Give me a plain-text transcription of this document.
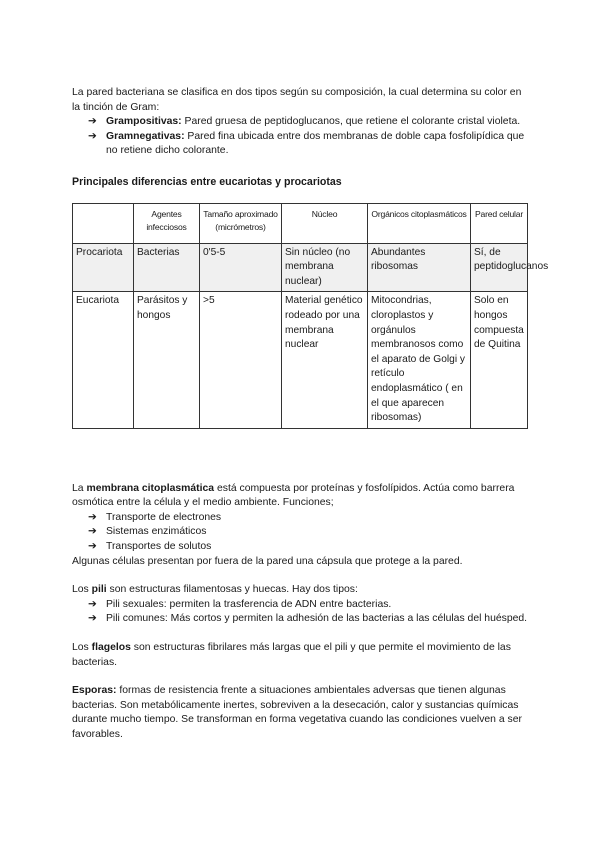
La pared bacteriana se clasifica en dos tipos según su composición, la cual determina su color en la tinción de Gram:

➔ Grampositivas: Pared gruesa de peptidoglucanos, que retiene el colorante cristal violeta.
➔ Gramnegativas: Pared fina ubicada entre dos membranas de doble capa fosfolipídica que no retiene dicho colorante.

Principales diferencias entre eucariotas y procariotas

	Agentes infecciosos	Tamaño aproximado (micrómetros)	Núcleo	Orgánicos citoplasmáticos	Pared celular
Procariota	Bacterias	0'5-5	Sin núcleo (no membrana nuclear)	Abundantes ribosomas	Sí, de peptidoglucanos
Eucariota	Parásitos y hongos	>5	Material genético rodeado por una membrana nuclear	Mitocondrias, cloroplastos y orgánulos membranosos como el aparato de Golgi y retículo endoplasmático ( en el que aparecen ribosomas)	Solo en hongos compuesta de Quitina

La membrana citoplasmática está compuesta por proteínas y fosfolípidos. Actúa como barrera osmótica entre la célula y el medio ambiente. Funciones;

➔ Transporte de electrones
➔ Sistemas enzimáticos
➔ Transportes de solutos

Algunas células presentan por fuera de la pared una cápsula que protege a la pared.

Los pili son estructuras filamentosas y huecas. Hay dos tipos:

➔ Pili sexuales: permiten la trasferencia de ADN entre bacterias.
➔ Pili comunes: Más cortos y permiten la adhesión de las bacterias a las células del huésped.

Los flagelos son estructuras fibrilares más largas que el pili y que permite el movimiento de las bacterias.

Esporas: formas de resistencia frente a situaciones ambientales adversas que tienen algunas bacterias. Son metabólicamente inertes, sobreviven a la desecación, calor y sustancias químicas durante mucho tiempo. Se transforman en forma vegetativa cuando las condiciones vuelven a ser favorables.
